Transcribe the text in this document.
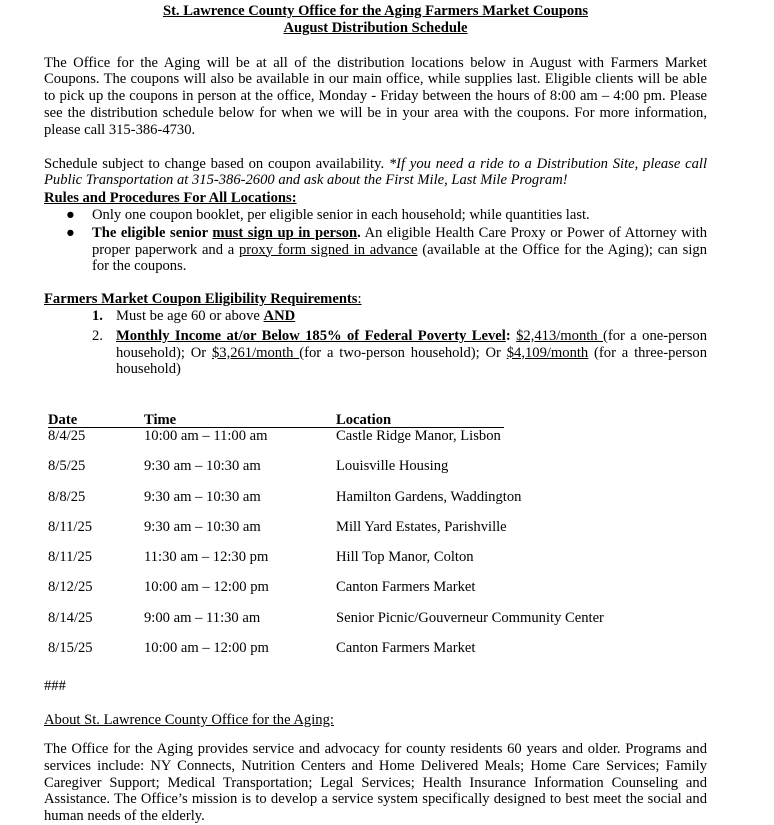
St. Lawrence County Office for the Aging Farmers Market Coupons
August Distribution Schedule

The Office for the Aging will be at all of the distribution locations below in August with Farmers Market Coupons. The coupons will also be available in our main office, while supplies last. Eligible clients will be able to pick up the coupons in person at the office, Monday - Friday between the hours of 8:00 am – 4:00 pm. Please see the distribution schedule below for when we will be in your area with the coupons. For more information, please call 315-386-4730.

Schedule subject to change based on coupon availability. *If you need a ride to a Distribution Site, please call Public Transportation at 315-386-2600 and ask about the First Mile, Last Mile Program!

Rules and Procedures For All Locations:
● Only one coupon booklet, per eligible senior in each household; while quantities last.
● The eligible senior must sign up in person. An eligible Health Care Proxy or Power of Attorney with proper paperwork and a proxy form signed in advance (available at the Office for the Aging); can sign for the coupons.
Farmers Market Coupon Eligibility Requirements:
1. Must be age 60 or above AND
2. Monthly Income at/or Below 185% of Federal Poverty Level: $2,413/month (for a one-person household); Or $3,261/month (for a two-person household); Or $4,109/month (for a three-person household)
Date	Time	Location
8/4/25	10:00 am – 11:00 am	Castle Ridge Manor, Lisbon
8/5/25	9:30 am – 10:30 am	Louisville Housing
8/8/25	9:30 am – 10:30 am	Hamilton Gardens, Waddington
8/11/25	9:30 am – 10:30 am	Mill Yard Estates, Parishville
8/11/25	11:30 am – 12:30 pm	Hill Top Manor, Colton
8/12/25	10:00 am – 12:00 pm	Canton Farmers Market
8/14/25	9:00 am – 11:30 am	Senior Picnic/Gouverneur Community Center
8/15/25	10:00 am – 12:00 pm	Canton Farmers Market
###
About St. Lawrence County Office for the Aging:

The Office for the Aging provides service and advocacy for county residents 60 years and older. Programs and services include: NY Connects, Nutrition Centers and Home Delivered Meals; Home Care Services; Family Caregiver Support; Medical Transportation; Legal Services; Health Insurance Information Counseling and Assistance. The Office’s mission is to develop a service system specifically designed to best meet the social and human needs of the elderly.
